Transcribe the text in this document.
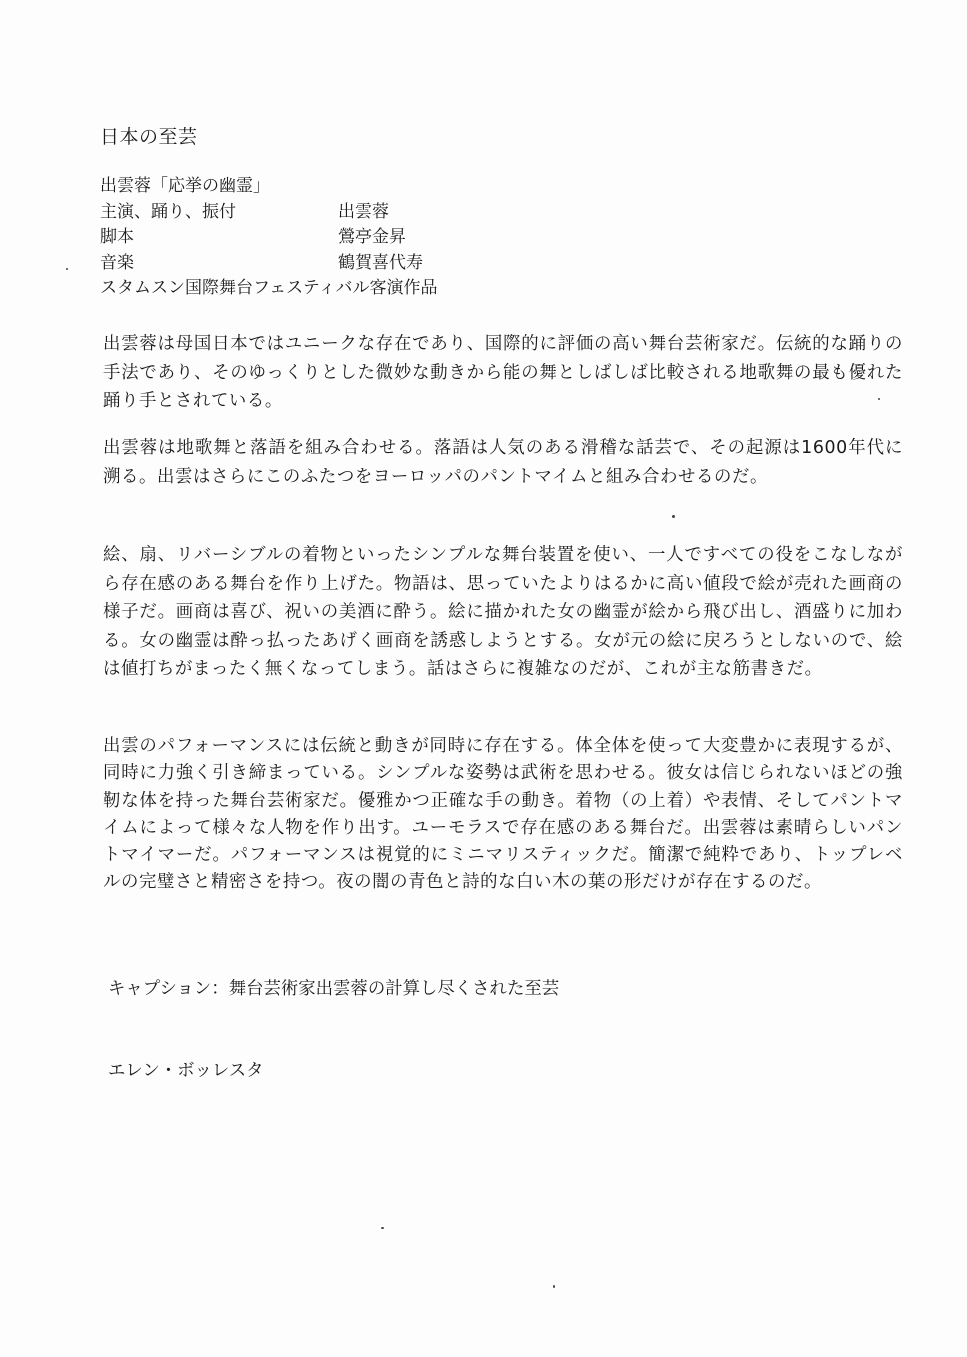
日本の至芸
出雲蓉「応挙の幽霊」
主演、踊り、振付	出雲蓉
脚本	鶯亭金昇
音楽	鶴賀喜代寿
スタムスン国際舞台フェスティバル客演作品

出雲蓉は母国日本ではユニークな存在であり、国際的に評価の高い舞台芸術家だ。伝統的な踊りの手法であり、そのゆっくりとした微妙な動きから能の舞としばしば比較される地歌舞の最も優れた踊り手とされている。

出雲蓉は地歌舞と落語を組み合わせる。落語は人気のある滑稽な話芸で、その起源は1600年代に溯る。出雲はさらにこのふたつをヨーロッパのパントマイムと組み合わせるのだ。

絵、扇、リバーシブルの着物といったシンプルな舞台装置を使い、一人ですべての役をこなしながら存在感のある舞台を作り上げた。物語は、思っていたよりはるかに高い値段で絵が売れた画商の様子だ。画商は喜び、祝いの美酒に酔う。絵に描かれた女の幽霊が絵から飛び出し、酒盛りに加わる。女の幽霊は酔っ払ったあげく画商を誘惑しようとする。女が元の絵に戻ろうとしないので、絵は値打ちがまったく無くなってしまう。話はさらに複雑なのだが、これが主な筋書きだ。

出雲のパフォーマンスには伝統と動きが同時に存在する。体全体を使って大変豊かに表現するが、同時に力強く引き締まっている。シンプルな姿勢は武術を思わせる。彼女は信じられないほどの強靭な体を持った舞台芸術家だ。優雅かつ正確な手の動き。着物（の上着）や表情、そしてパントマイムによって様々な人物を作り出す。ユーモラスで存在感のある舞台だ。出雲蓉は素晴らしいパントマイマーだ。パフォーマンスは視覚的にミニマリスティックだ。簡潔で純粋であり、トップレベルの完璧さと精密さを持つ。夜の闇の青色と詩的な白い木の葉の形だけが存在するのだ。

キャプション：舞台芸術家出雲蓉の計算し尽くされた至芸
エレン・ボッレスタ
